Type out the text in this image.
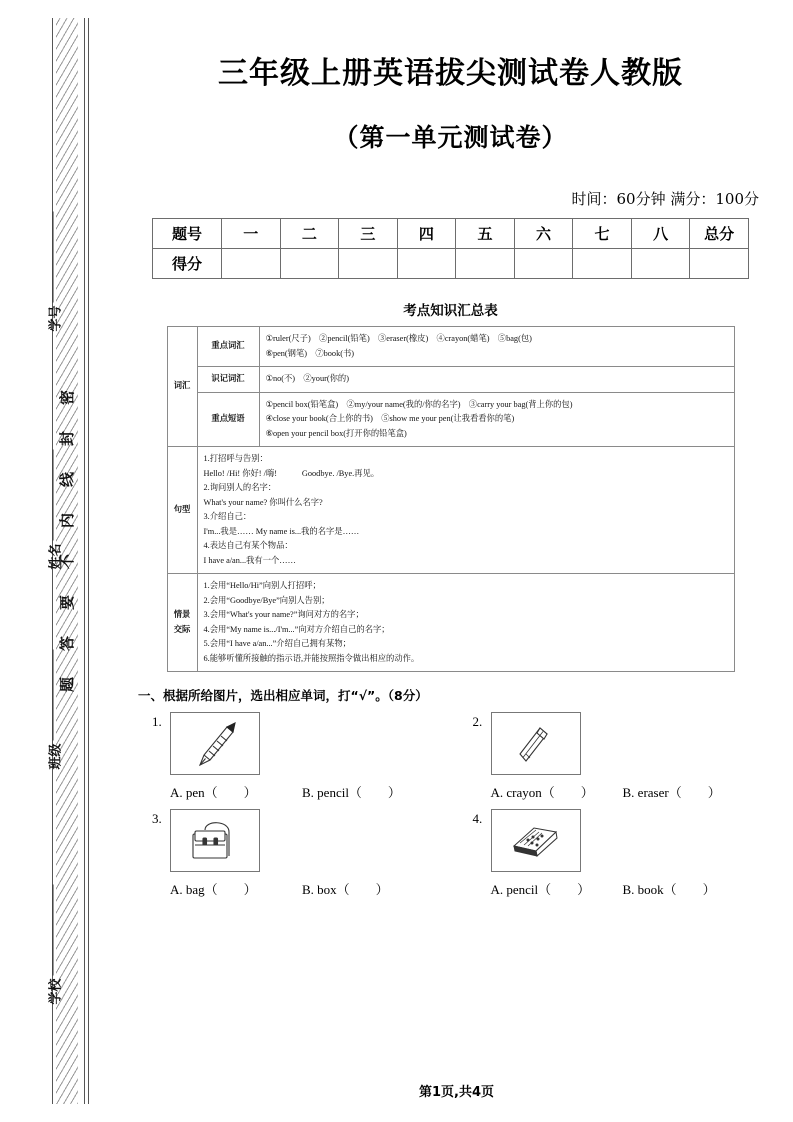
密
封
线
内
不
要
答
题
学号
姓名
班级
学校
三年级上册英语拔尖测试卷人教版
（第一单元测试卷）
时间：60分钟 满分：100分
题号	一	二	三	四	五	六	七	八	总分
得分									
考点知识汇总表
词汇	重点词汇	①ruler(尺子)　②pencil(铅笔)　③eraser(橡皮)　④crayon(蜡笔)　⑤bag(包)
⑥pen(钢笔)　⑦book(书)

	识记词汇	①no(不)　②your(你的)

	重点短语	①pencil box(铅笔盒)　②my/your name(我的/你的名字)　③carry your bag(背上你的包)
④close your book(合上你的书)　⑤show me your pen(让我看看你的笔)
⑥open your pencil box(打开你的铅笔盒)

句型	
1.打招呼与告别：
Hello! /Hi! 你好! /嗨!　　　Goodbye. /Bye.再见。
2.询问别人的名字：
What's your name? 你叫什么名字?
3.介绍自己：
I'm...我是…… My name is...我的名字是……
4.表达自己有某个物品：
I have a/an...我有一个……

情景交际	
1.会用“Hello/Hi”向别人打招呼；
2.会用“Goodbye/Bye”向别人告别；
3.会用“What's your name?”询问对方的名字；
4.会用“My name is.../I'm...”向对方介绍自己的名字；
5.会用“I have a/an...”介绍自己拥有某物；
6.能够听懂所接触的指示语,并能按照指令做出相应的动作。
一、根据所给图片，选出相应单词，打“√”。（8分）
1.
A. pen（　　）	B. pencil（　　）
2.
A. crayon（　　）	B. eraser（　　）
3.
A. bag（　　）	B. box（　　）
4.
A. pencil（　　）	B. book（　　）
第1页,共4页
